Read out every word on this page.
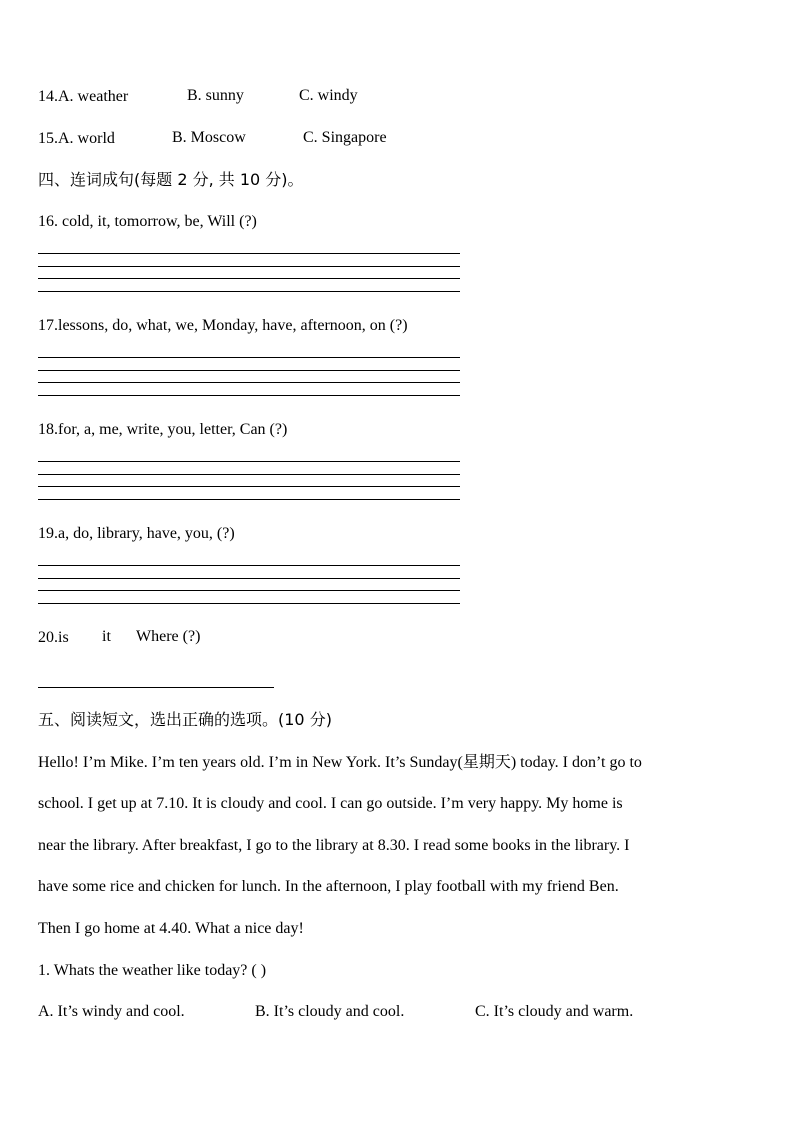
14.A. weather	B. sunny	C. windy
15.A. world	B. Moscow	C. Singapore
四、连词成句(每题 2 分, 共 10 分)。
16. cold, it, tomorrow, be, Will (?)
17.lessons, do, what, we, Monday, have, afternoon, on (?)
18.for, a, me, write, you, letter, Can (?)
19.a, do, library, have, you, (?)
20.is it Where (?)
五、阅读短文，选出正确的选项。(10 分)
Hello! I’m Mike. I’m ten years old. I’m in New York. It’s Sunday(星期天) today. I don’t go to
school. I get up at 7.10. It is cloudy and cool. I can go outside. I’m very happy. My home is
near the library. After breakfast, I go to the library at 8.30. I read some books in the library. I
have some rice and chicken for lunch. In the afternoon, I play football with my friend Ben.
Then I go home at 4.40. What a nice day!
1. Whats the weather like today? ( )
A. It’s windy and cool.	B. It’s cloudy and cool.	C. It’s cloudy and warm.
